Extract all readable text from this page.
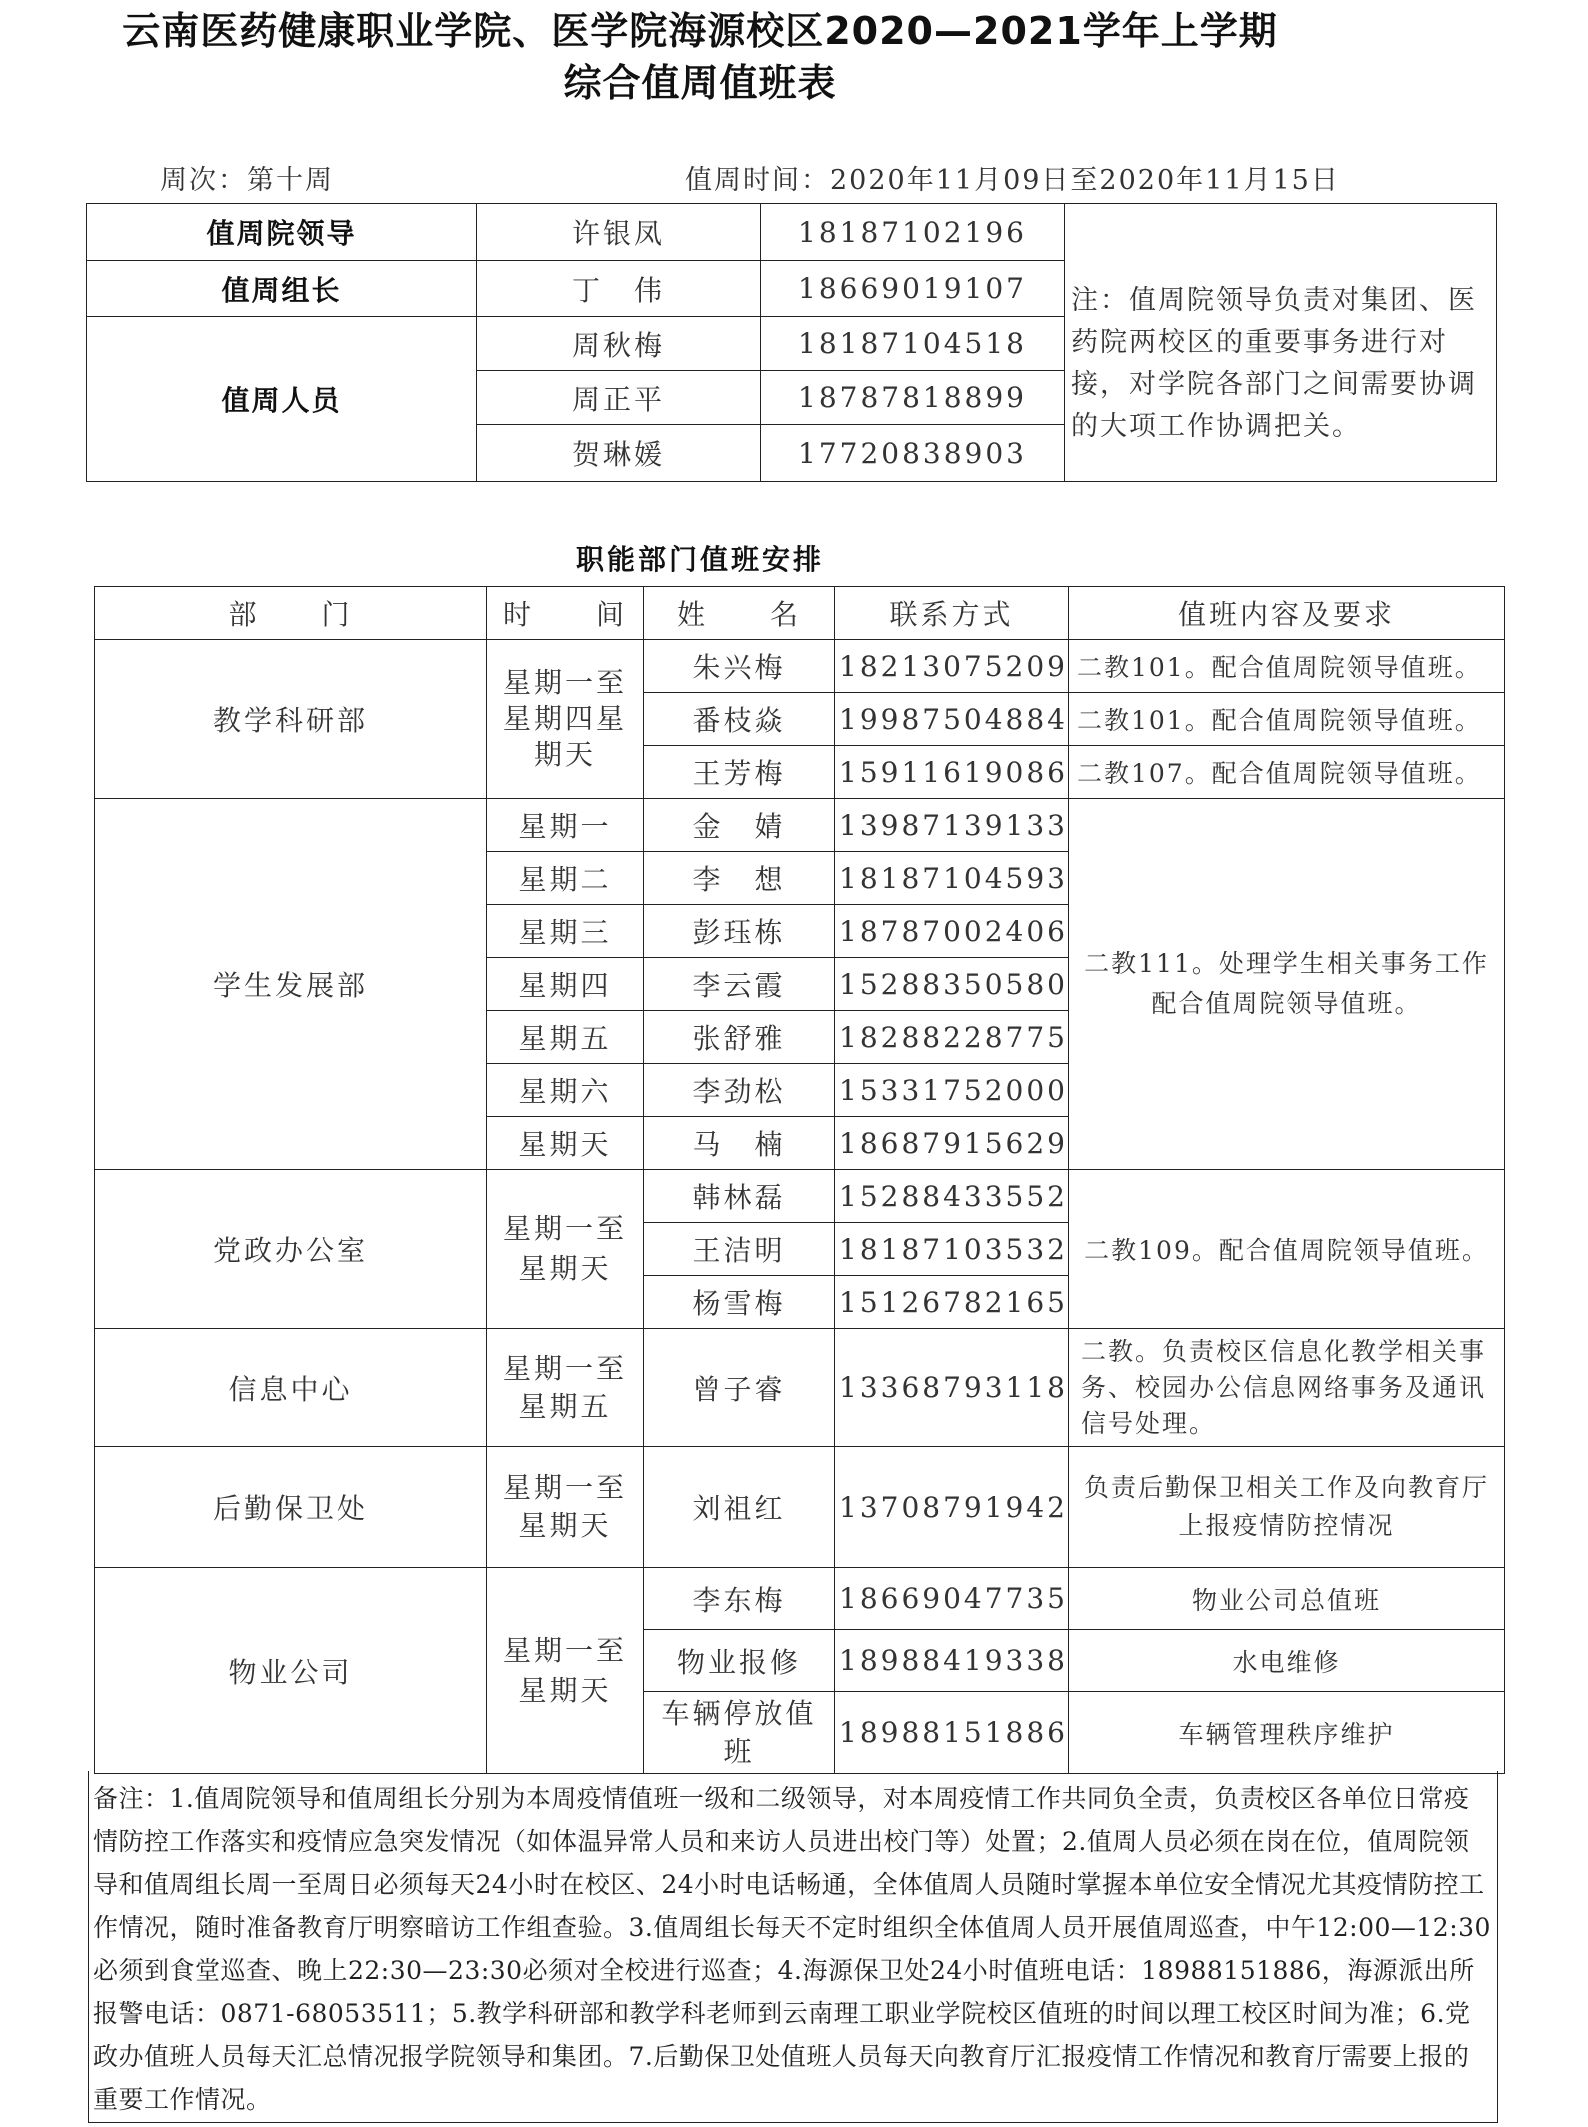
云南医药健康职业学院、医学院海源校区2020—2021学年上学期
综合值周值班表
周次：第十周	值周时间：2020年11月09日至2020年11月15日
值周院领导	许银凤	18187102196	注：值周院领导负责对集团、医药院两校区的重要事务进行对接，对学院各部门之间需要协调的大项工作协调把关。
值周组长	丁　伟	18669019107	
值周人员	周秋梅	18187104518	
	周正平	18787818899	
	贺琳媛	17720838903	
职能部门值班安排
部　　门	时　　间	姓　　名	联系方式	值班内容及要求
教学科研部	星期一至星期四星期天	朱兴梅	18213075209	二教101。配合值周院领导值班。
		番枝焱	19987504884	二教101。配合值周院领导值班。
		王芳梅	15911619086	二教107。配合值周院领导值班。
学生发展部	星期一	金　婧	13987139133	二教111。处理学生相关事务工作配合值周院领导值班。
	星期二	李　想	18187104593	
	星期三	彭珏栋	18787002406	
	星期四	李云霞	15288350580	
	星期五	张舒雅	18288228775	
	星期六	李劲松	15331752000	
	星期天	马　楠	18687915629	
党政办公室	星期一至星期天	韩林磊	15288433552	二教109。配合值周院领导值班。
		王洁明	18187103532	
		杨雪梅	15126782165	
信息中心	星期一至星期五	曾子睿	13368793118	二教。负责校区信息化教学相关事务、校园办公信息网络事务及通讯信号处理。
后勤保卫处	星期一至星期天	刘祖红	13708791942	负责后勤保卫相关工作及向教育厅上报疫情防控情况
物业公司	星期一至星期天	李东梅	18669047735	物业公司总值班
		物业报修	18988419338	水电维修
		车辆停放值班	18988151886	车辆管理秩序维护
备注：1.值周院领导和值周组长分别为本周疫情值班一级和二级领导，对本周疫情工作共同负全责，负责校区各单位日常疫情防控工作落实和疫情应急突发情况（如体温异常人员和来访人员进出校门等）处置；2.值周人员必须在岗在位，值周院领导和值周组长周一至周日必须每天24小时在校区、24小时电话畅通，全体值周人员随时掌握本单位安全情况尤其疫情防控工作情况，随时准备教育厅明察暗访工作组查验。3.值周组长每天不定时组织全体值周人员开展值周巡查，中午12:00—12:30必须到食堂巡查、晚上22:30—23:30必须对全校进行巡查；4.海源保卫处24小时值班电话：18988151886，海源派出所报警电话：0871-68053511；5.教学科研部和教学科老师到云南理工职业学院校区值班的时间以理工校区时间为准；6.党政办值班人员每天汇总情况报学院领导和集团。7.后勤保卫处值班人员每天向教育厅汇报疫情工作情况和教育厅需要上报的重要工作情况。
